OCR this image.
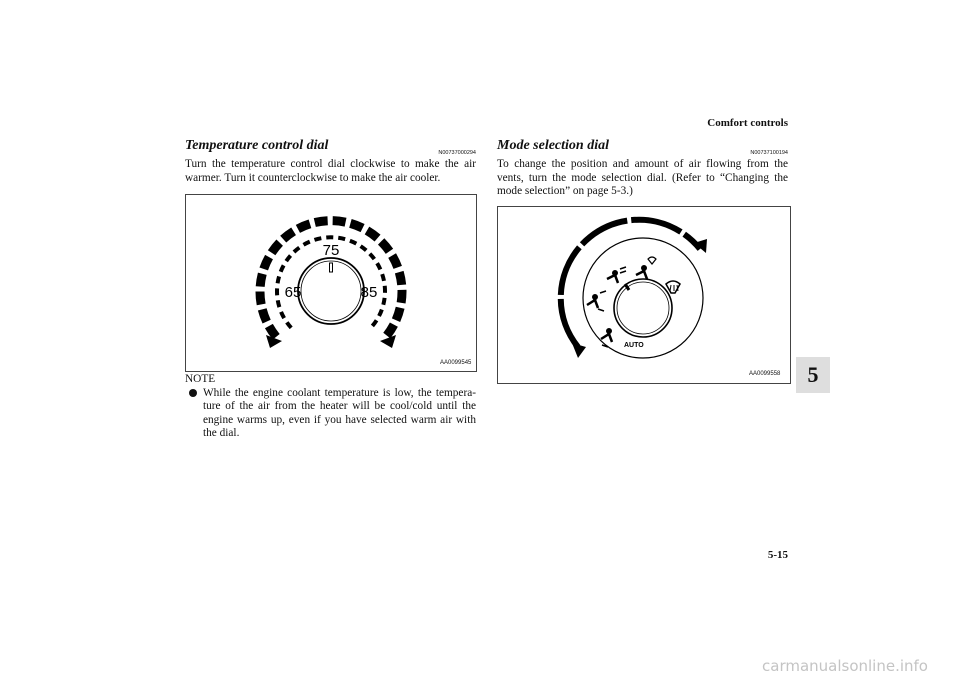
Comfort controls
5
Temperature control dial	N00737000294
Turn the temperature control dial clockwise to make the air warmer. Turn it counterclockwise to make the air cooler.
75
65	85
AA0099545
NOTE
While the engine coolant temperature is low, the tempera-ture of the air from the heater will be cool/cold until the engine warms up, even if you have selected warm air with the dial.
Mode selection dial	N00737100194
To change the position and amount of air flowing from the vents, turn the mode selection dial. (Refer to “Changing the mode selection” on page 5-3.)
AUTO
AA0099558
5-15
carmanualsonline.info
